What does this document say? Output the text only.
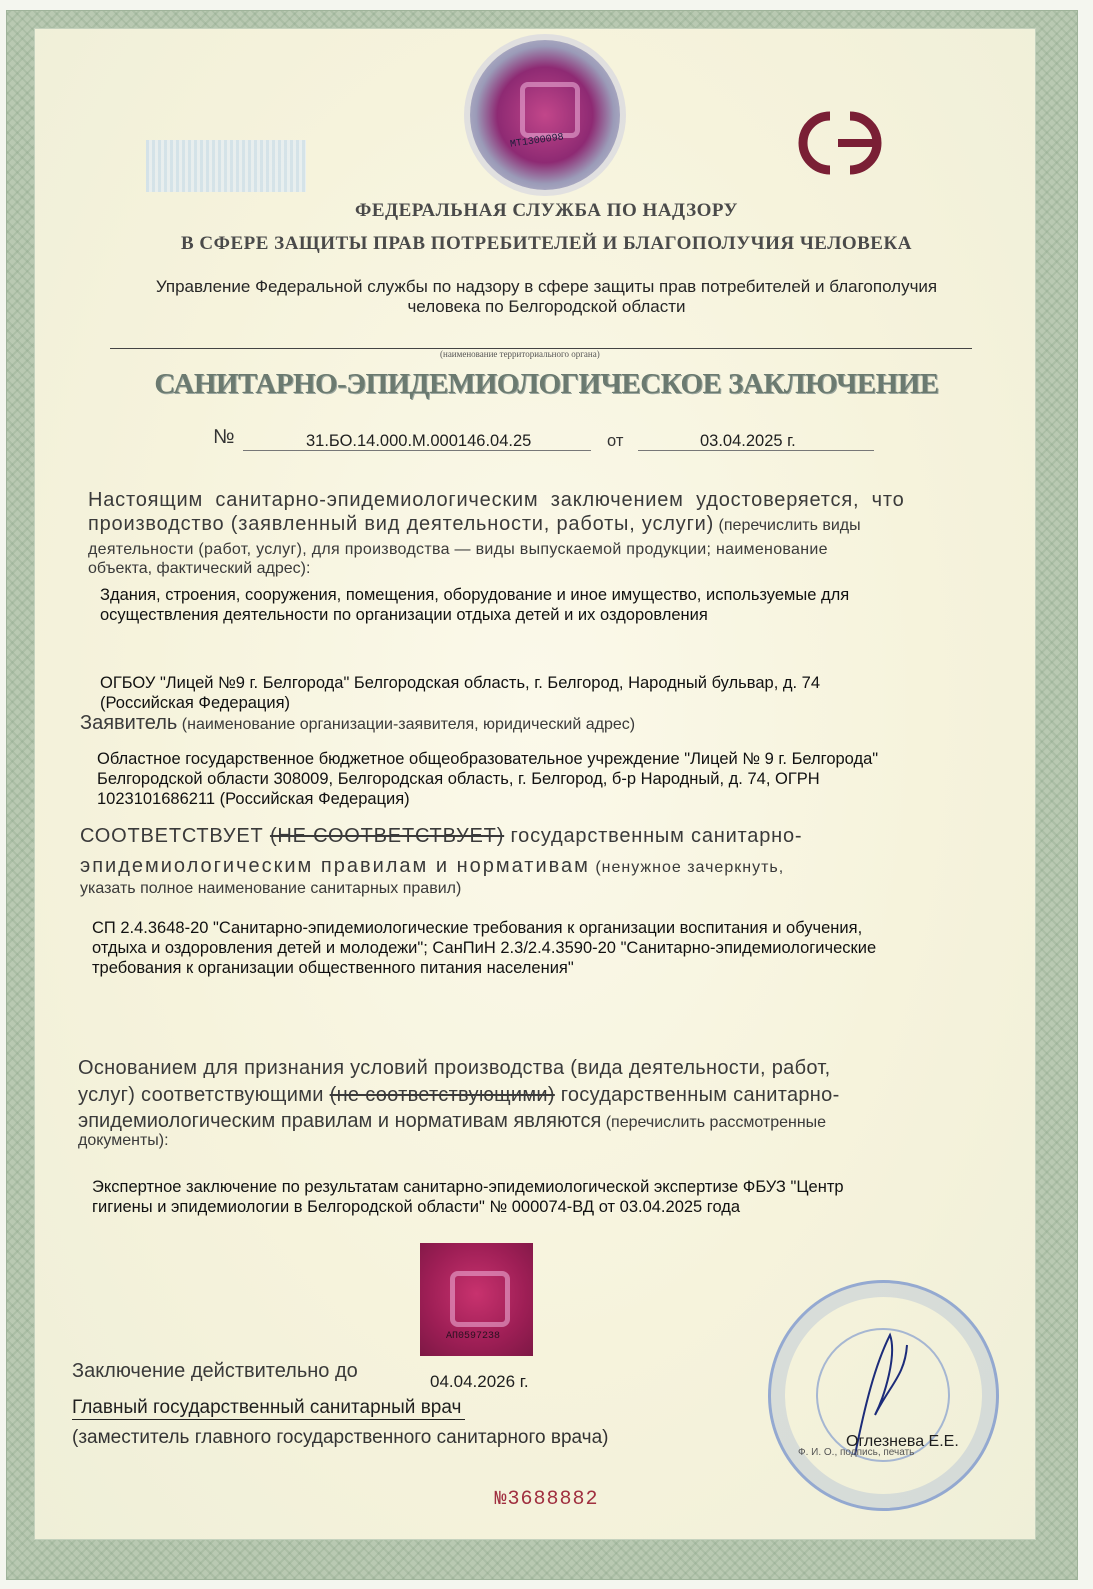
МТ1300098
ФЕДЕРАЛЬНАЯ СЛУЖБА ПО НАДЗОРУ
В СФЕРЕ ЗАЩИТЫ ПРАВ ПОТРЕБИТЕЛЕЙ И БЛАГОПОЛУЧИЯ ЧЕЛОВЕКА
Управление Федеральной службы по надзору в сфере защиты прав потребителей и благополучия
человека по Белгородской области
(наименование территориального органа)
САНИТАРНО-ЭПИДЕМИОЛОГИЧЕСКОЕ ЗАКЛЮЧЕНИЕ
№	31.БО.14.000.М.000146.04.25	от	03.04.2025 г.
Настоящим санитарно-эпидемиологическим заключением удостоверяется, что
производство (заявленный вид деятельности, работы, услуги) (перечислить виды
деятельности (работ, услуг), для производства — виды выпускаемой продукции; наименование
объекта, фактический адрес):
Здания, строения, сооружения, помещения, оборудование и иное имущество, используемые для
осуществления деятельности по организации отдыха детей и их оздоровления
ОГБОУ "Лицей №9 г. Белгорода" Белгородская область, г. Белгород, Народный бульвар, д. 74
(Российская Федерация)
Заявитель (наименование организации-заявителя, юридический адрес)
Областное государственное бюджетное общеобразовательное учреждение "Лицей № 9 г. Белгорода"
Белгородской области 308009, Белгородская область, г. Белгород, б-р Народный, д. 74, ОГРН
1023101686211 (Российская Федерация)
СООТВЕТСТВУЕТ (НЕ СООТВЕТСТВУЕТ) государственным санитарно-
эпидемиологическим правилам и нормативам (ненужное зачеркнуть,
указать полное наименование санитарных правил)
СП 2.4.3648-20 "Санитарно-эпидемиологические требования к организации воспитания и обучения,
отдыха и оздоровления детей и молодежи"; СанПиН 2.3/2.4.3590-20 "Санитарно-эпидемиологические
требования к организации общественного питания населения"
Основанием для признания условий производства (вида деятельности, работ,
услуг) соответствующими (не соответствующими) государственным санитарно-
эпидемиологическим правилам и нормативам являются (перечислить рассмотренные
документы):
Экспертное заключение по результатам санитарно-эпидемиологической экспертизе ФБУЗ "Центр
гигиены и эпидемиологии в Белгородской области" № 000074-ВД от 03.04.2025 года
АП0597238
Заключение действительно до	04.04.2026 г.
Главный государственный санитарный врач
(заместитель главного государственного санитарного врача)	Оглезнева Е.Е.
Ф. И. О., подпись, печать
№3688882
